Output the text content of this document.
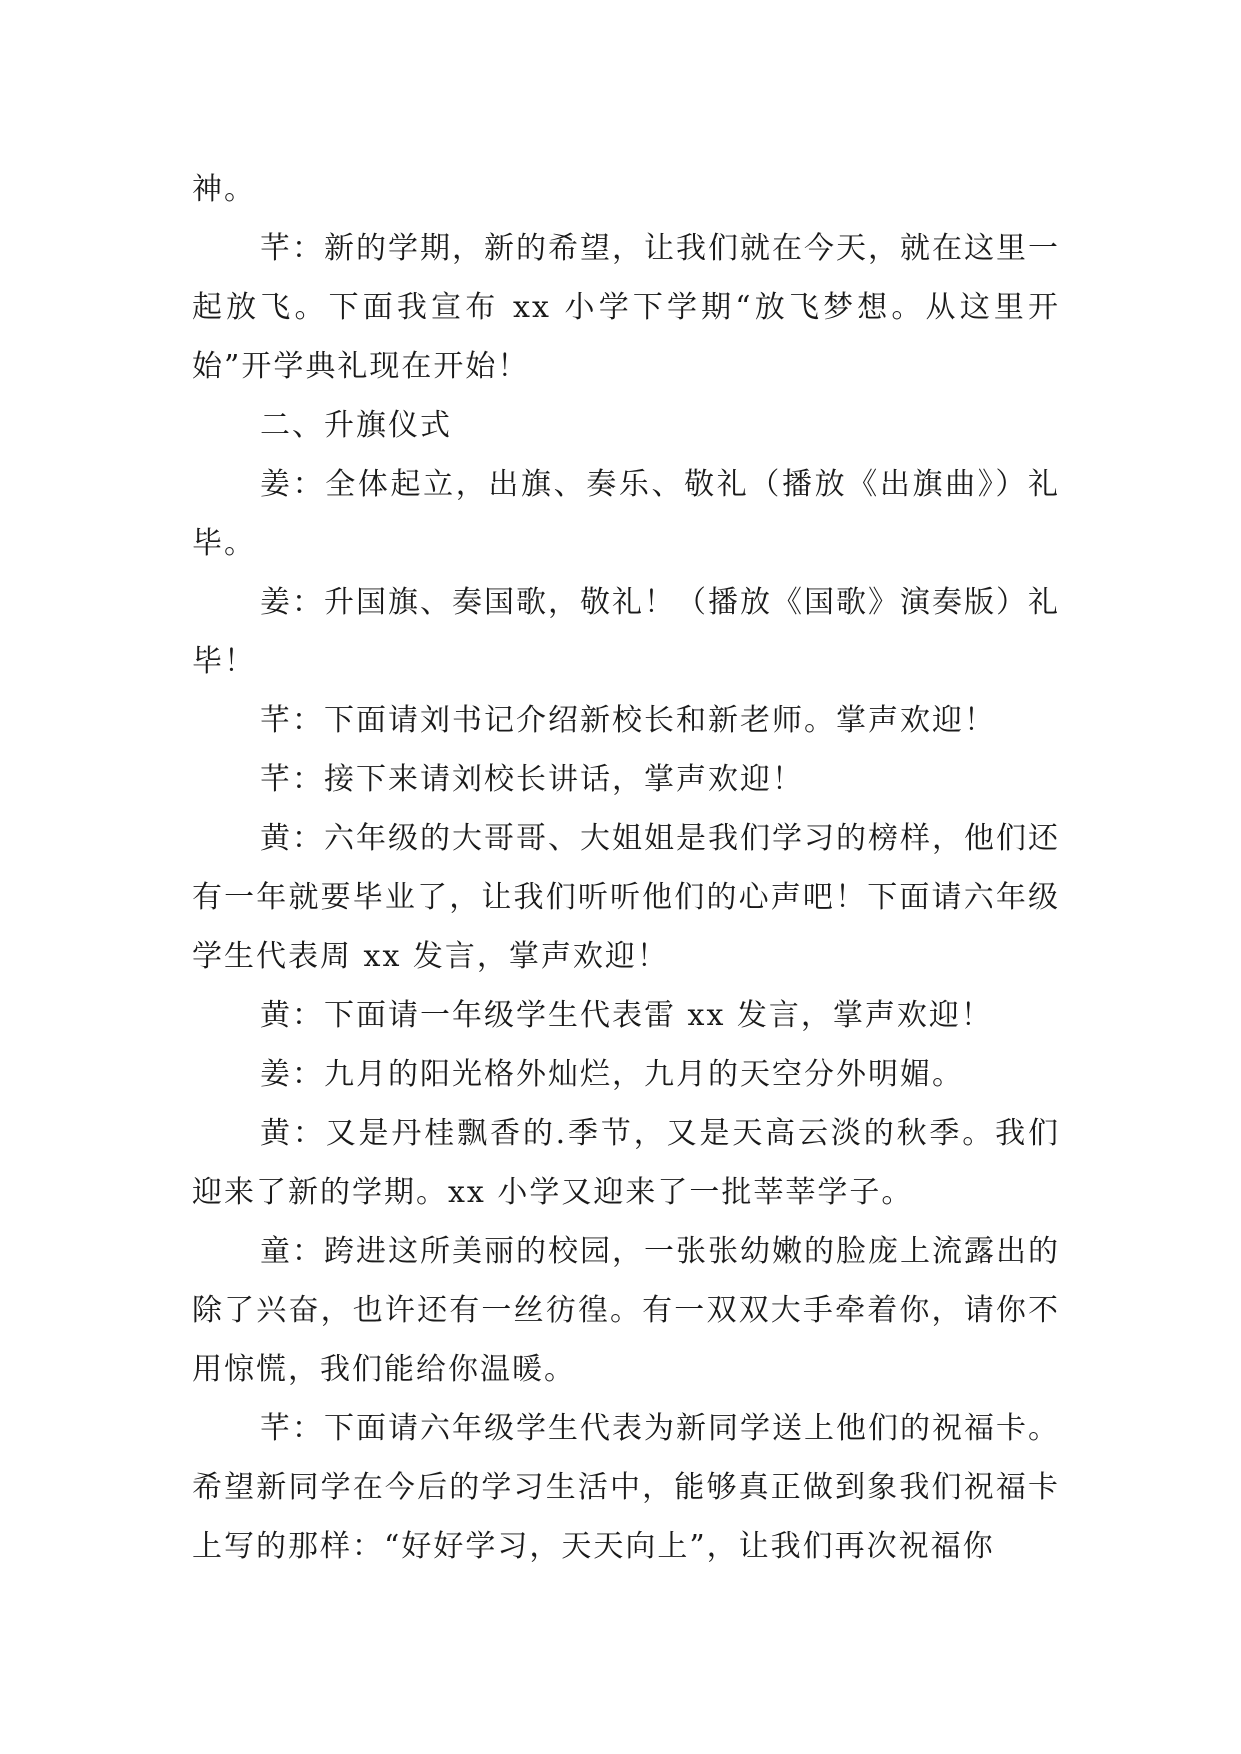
神。

芊：新的学期，新的希望，让我们就在今天，就在这里一起放飞。下面我宣布 xx 小学下学期“放飞梦想。从这里开始”开学典礼现在开始！

二、升旗仪式

姜：全体起立，出旗、奏乐、敬礼（播放《出旗曲》）礼毕。

姜：升国旗、奏国歌，敬礼！（播放《国歌》演奏版）礼毕！

芊：下面请刘书记介绍新校长和新老师。掌声欢迎！

芊：接下来请刘校长讲话，掌声欢迎！

黄：六年级的大哥哥、大姐姐是我们学习的榜样，他们还有一年就要毕业了，让我们听听他们的心声吧！下面请六年级学生代表周 xx 发言，掌声欢迎！

黄：下面请一年级学生代表雷 xx 发言，掌声欢迎！

姜：九月的阳光格外灿烂，九月的天空分外明媚。

黄：又是丹桂飘香的.季节，又是天高云淡的秋季。我们迎来了新的学期。xx 小学又迎来了一批莘莘学子。

童：跨进这所美丽的校园，一张张幼嫩的脸庞上流露出的除了兴奋，也许还有一丝彷徨。有一双双大手牵着你，请你不用惊慌，我们能给你温暖。

芊：下面请六年级学生代表为新同学送上他们的祝福卡。希望新同学在今后的学习生活中，能够真正做到象我们祝福卡上写的那样：“好好学习，天天向上”，让我们再次祝福你
